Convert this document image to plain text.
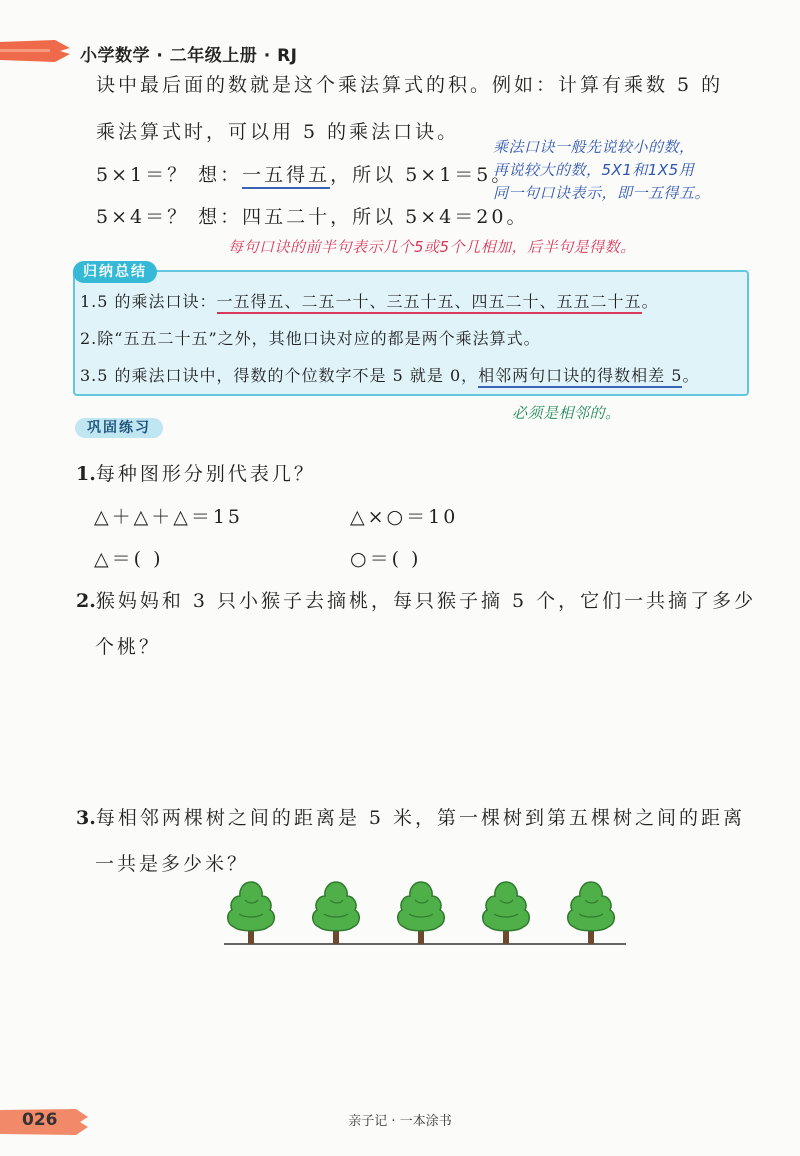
小学数学 · 二年级上册 · RJ
诀中最后面的数就是这个乘法算式的积。例如：计算有乘数 5 的
乘法算式时，可以用 5 的乘法口诀。
5×1＝？ 想：一五得五，所以 5×1＝5。
5×4＝？ 想：四五二十，所以 5×4＝20。
乘法口诀一般先说较小的数，
再说较大的数，5X1和1X5用
同一句口诀表示，即一五得五。
每句口诀的前半句表示几个5或5个几相加，后半句是得数。
归纳总结
1.5 的乘法口诀：一五得五、二五一十、三五十五、四五二十、五五二十五。
2.除“五五二十五”之外，其他口诀对应的都是两个乘法算式。
3.5 的乘法口诀中，得数的个位数字不是 5 就是 0，相邻两句口诀的得数相差 5。
必须是相邻的。
巩固练习
1.每种图形分别代表几？
△＋△＋△＝15	△×○＝10
△＝( )	○＝( )
2.猴妈妈和 3 只小猴子去摘桃，每只猴子摘 5 个，它们一共摘了多少
个桃？
3.每相邻两棵树之间的距离是 5 米，第一棵树到第五棵树之间的距离
一共是多少米？
026	亲子记 · 一本涂书
